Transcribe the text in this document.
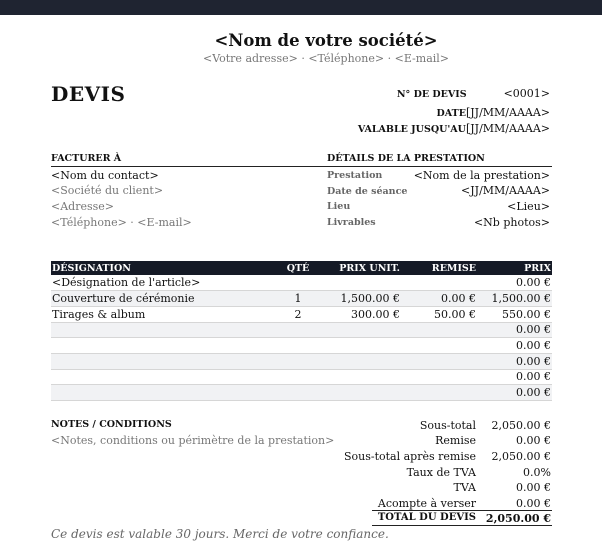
<Nom de votre société>
<Votre adresse> · <Téléphone> · <E-mail>
DEVIS	N° DE DEVIS	<0001>
DATE[JJ/MM/AAAA>
VALABLE JUSQU'AU[JJ/MM/AAAA>
FACTURER À	DÉTAILS DE LA PRESTATION
<Nom du contact>
<Société du client>
<Adresse>
<Téléphone> · <E-mail>
Prestation	<Nom de la prestation>
Date de séance	<JJ/MM/AAAA>
Lieu	<Lieu>
Livrables	<Nb photos>
DÉSIGNATION	QTÉ	PRIX UNIT.	REMISE	PRIX
<Désignation de l'article>				0.00 €
Couverture de cérémonie	1	1,500.00 €	0.00 €	1,500.00 €
Tirages & album	2	300.00 €	50.00 €	550.00 €
				0.00 €
				0.00 €
				0.00 €
				0.00 €
				0.00 €
NOTES / CONDITIONS
<Notes, conditions ou périmètre de la prestation>
Sous-total 2,050.00 €
Remise	0.00 €
Sous-total après remise 2,050.00 €
Taux de TVA	0.0%
TVA	0.00 €
Acompte à verser	0.00 €
TOTAL DU DEVIS 2,050.00 €
Ce devis est valable 30 jours. Merci de votre confiance.
